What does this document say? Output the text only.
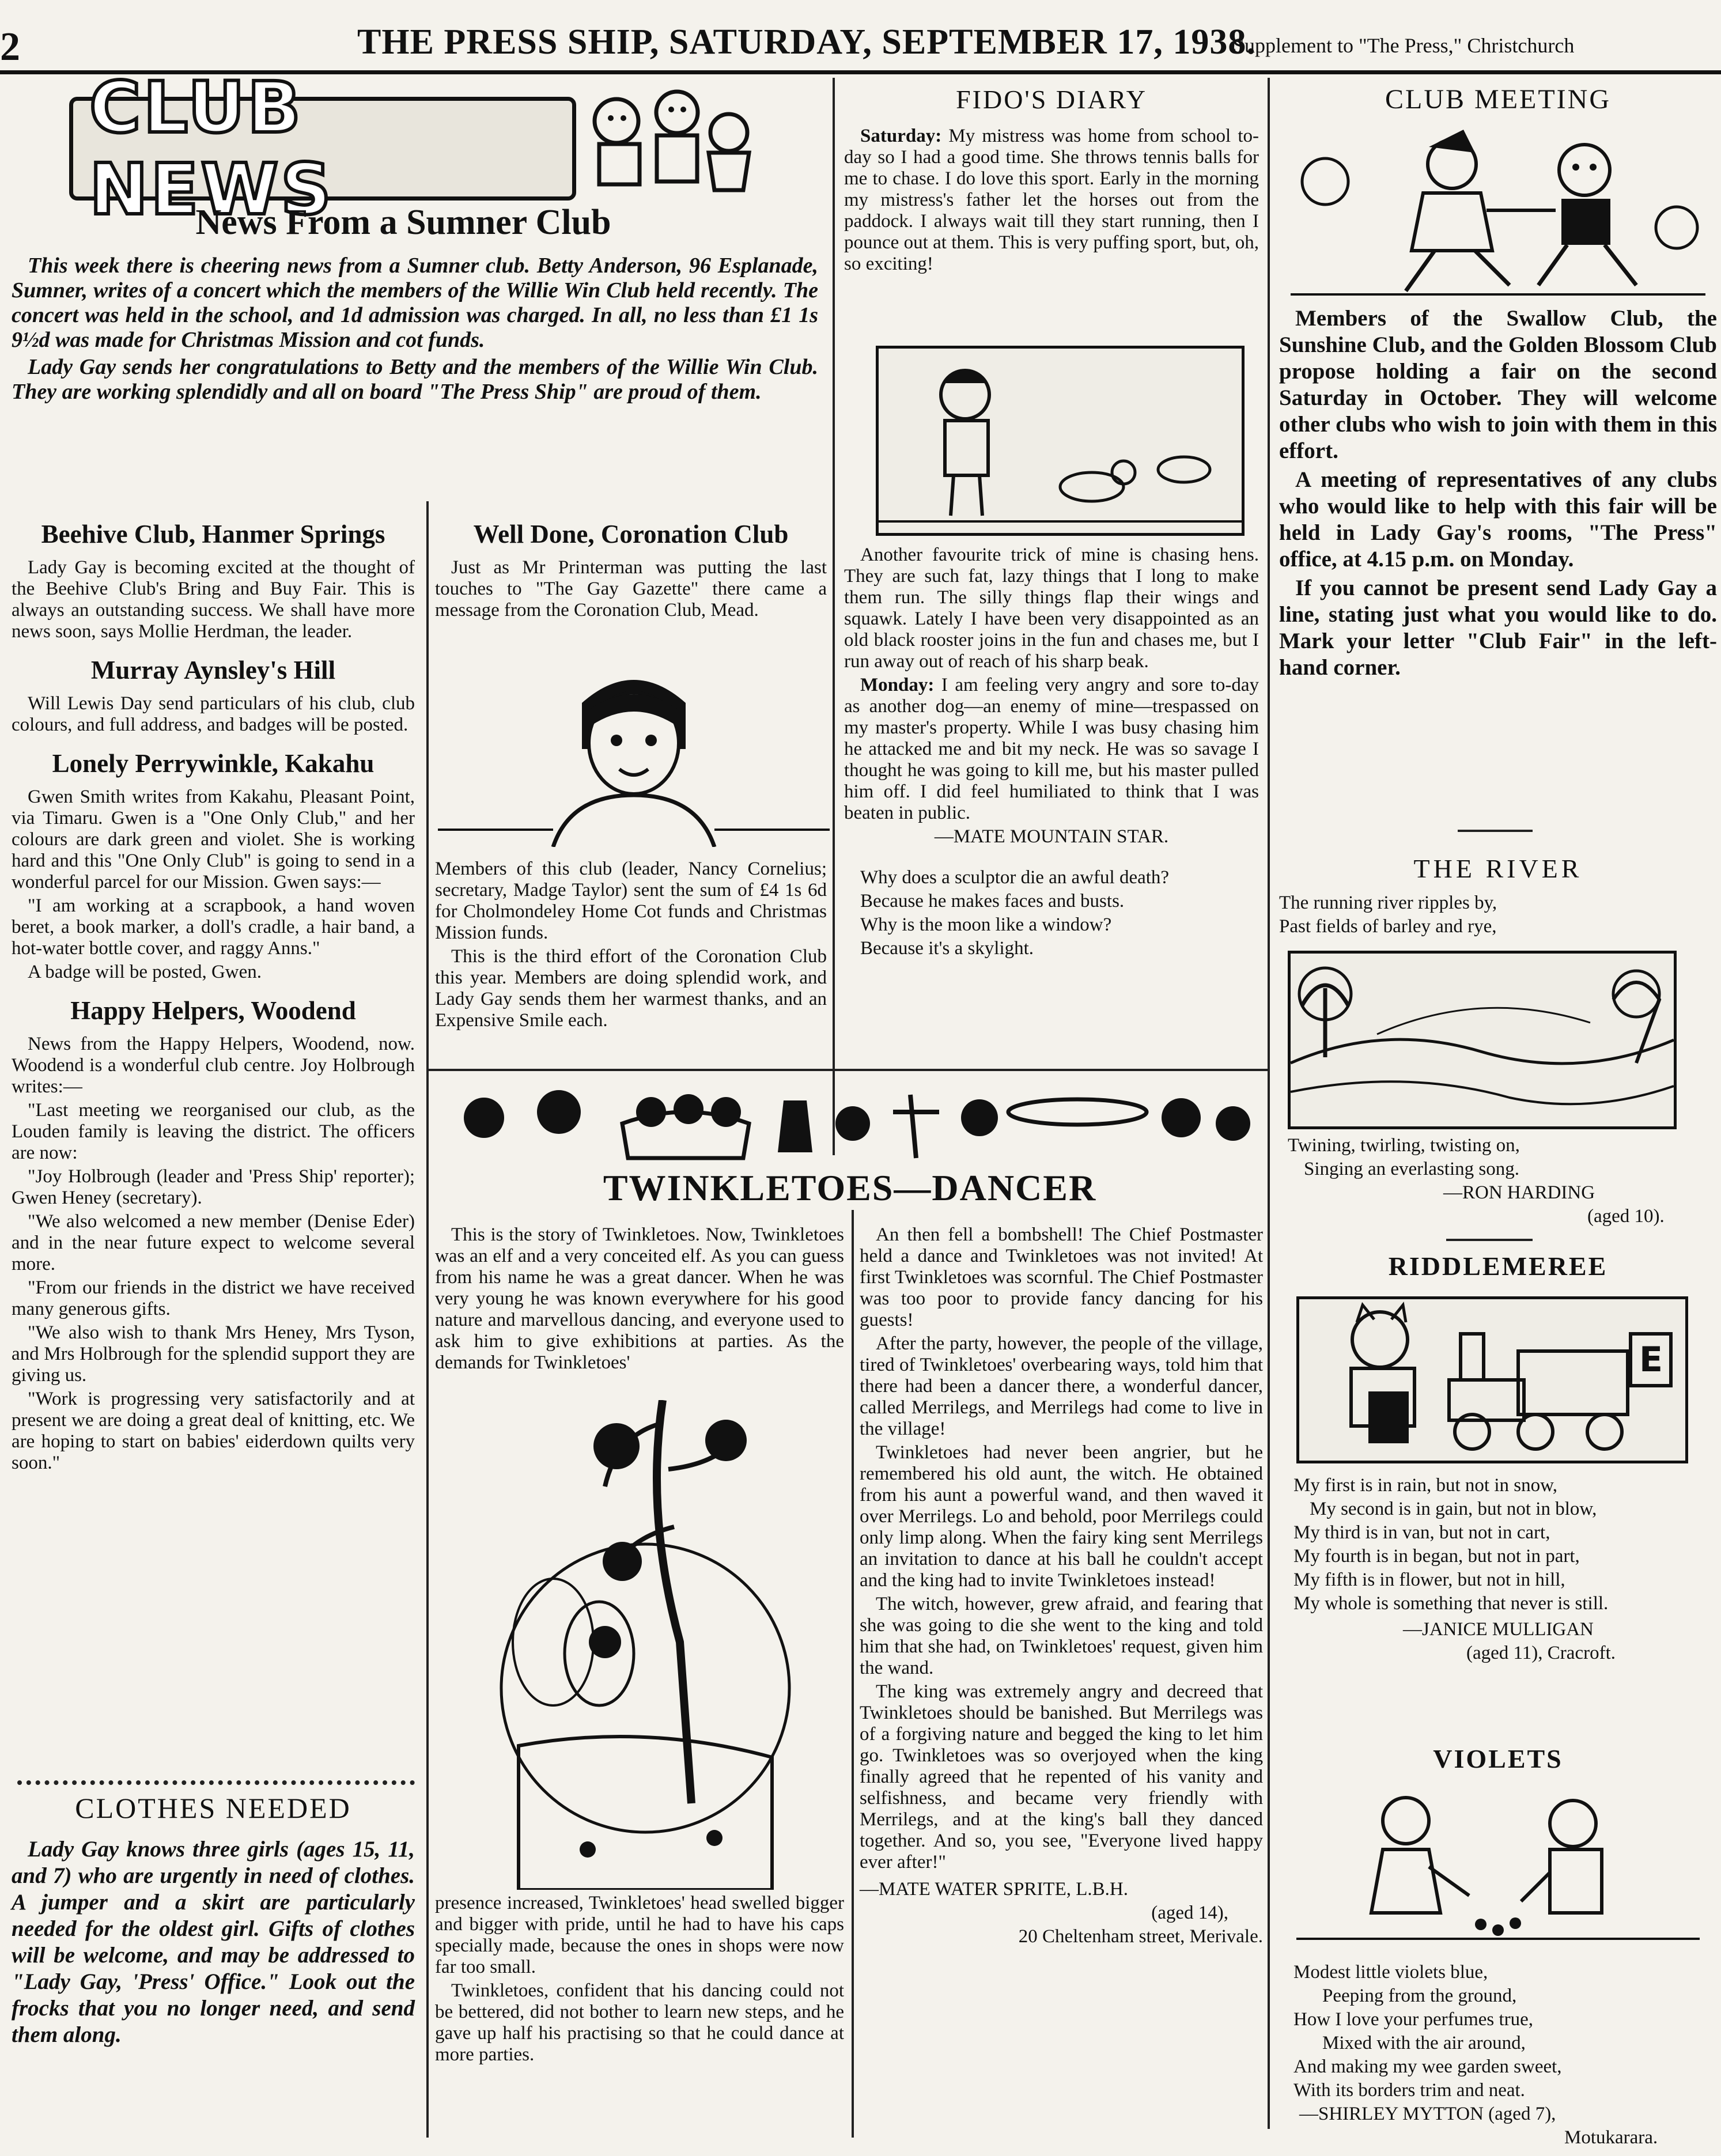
2	THE PRESS SHIP, SATURDAY, SEPTEMBER 17, 1938.
Supplement to "The Press," Christchurch
CLUB NEWS
News From a Sumner Club

This week there is cheering news from a Sumner club. Betty Anderson, 96 Esplanade, Sumner, writes of a concert which the members of the Willie Win Club held recently. The concert was held in the school, and 1d admission was charged. In all, no less than £1 1s 9½d was made for Christmas Mission and cot funds.

Lady Gay sends her congratulations to Betty and the members of the Willie Win Club. They are working splendidly and all on board "The Press Ship" are proud of them.

Beehive Club, Hanmer Springs

Lady Gay is becoming excited at the thought of the Beehive Club's Bring and Buy Fair. This is always an outstanding success. We shall have more news soon, says Mollie Herdman, the leader.

Murray Aynsley's Hill

Will Lewis Day send particulars of his club, club colours, and full address, and badges will be posted.

Lonely Perrywinkle, Kakahu

Gwen Smith writes from Kakahu, Pleasant Point, via Timaru. Gwen is a "One Only Club," and her colours are dark green and violet. She is working hard and this "One Only Club" is going to send in a wonderful parcel for our Mission. Gwen says:—

"I am working at a scrapbook, a hand woven beret, a book marker, a doll's cradle, a hair band, a hot-water bottle cover, and raggy Anns."

A badge will be posted, Gwen.

Happy Helpers, Woodend

News from the Happy Helpers, Woodend, now. Woodend is a wonderful club centre. Joy Holbrough writes:—

"Last meeting we reorganised our club, as the Louden family is leaving the district. The officers are now:

"Joy Holbrough (leader and 'Press Ship' reporter); Gwen Heney (secretary).

"We also welcomed a new member (Denise Eder) and in the near future expect to welcome several more.

"From our friends in the district we have received many generous gifts.

"We also wish to thank Mrs Heney, Mrs Tyson, and Mrs Holbrough for the splendid support they are giving us.

"Work is progressing very satisfactorily and at present we are doing a great deal of knitting, etc. We are hoping to start on babies' eiderdown quilts very soon."

CLOTHES NEEDED

Lady Gay knows three girls (ages 15, 11, and 7) who are urgently in need of clothes. A jumper and a skirt are particularly needed for the oldest girl. Gifts of clothes will be welcome, and may be addressed to "Lady Gay, 'Press' Office." Look out the frocks that you no longer need, and send them along.

Well Done, Coronation Club

Just as Mr Printerman was putting the last touches to "The Gay Gazette" there came a message from the Coronation Club, Mead.

Members of this club (leader, Nancy Cornelius; secretary, Madge Taylor) sent the sum of £4 1s 6d for Cholmondeley Home Cot funds and Christmas Mission funds.

This is the third effort of the Coronation Club this year. Members are doing splendid work, and Lady Gay sends them her warmest thanks, and an Expensive Smile each.

FIDO'S DIARY

Saturday: My mistress was home from school to-day so I had a good time. She throws tennis balls for me to chase. I do love this sport. Early in the morning my mistress's father let the horses out from the paddock. I always wait till they start running, then I pounce out at them. This is very puffing sport, but, oh, so exciting!

Another favourite trick of mine is chasing hens. They are such fat, lazy things that I long to make them run. The silly things flap their wings and squawk. Lately I have been very disappointed as an old black rooster joins in the fun and chases me, but I run away out of reach of his sharp beak.

Monday: I am feeling very angry and sore to-day as another dog—an enemy of mine—trespassed on my master's property. While I was busy chasing him he attacked me and bit my neck. He was so savage I thought he was going to kill me, but his master pulled him off. I did feel humiliated to think that I was beaten in public.

—MATE MOUNTAIN STAR.

Why does a sculptor die an awful death?

Because he makes faces and busts.

Why is the moon like a window?

Because it's a skylight.

TWINKLETOES—DANCER

This is the story of Twinkletoes. Now, Twinkletoes was an elf and a very conceited elf. As you can guess from his name he was a great dancer. When he was very young he was known everywhere for his good nature and marvellous dancing, and everyone used to ask him to give exhibitions at parties. As the demands for Twinkletoes'

presence increased, Twinkletoes' head swelled bigger and bigger with pride, until he had to have his caps specially made, because the ones in shops were now far too small.

Twinkletoes, confident that his dancing could not be bettered, did not bother to learn new steps, and he gave up half his practising so that he could dance at more parties.

An then fell a bombshell! The Chief Postmaster held a dance and Twinkletoes was not invited! At first Twinkletoes was scornful. The Chief Postmaster was too poor to provide fancy dancing for his guests!

After the party, however, the people of the village, tired of Twinkletoes' overbearing ways, told him that there had been a dancer there, a wonderful dancer, called Merrilegs, and Merrilegs had come to live in the village!

Twinkletoes had never been angrier, but he remembered his old aunt, the witch. He obtained from his aunt a powerful wand, and then waved it over Merrilegs. Lo and behold, poor Merrilegs could only limp along. When the fairy king sent Merrilegs an invitation to dance at his ball he couldn't accept and the king had to invite Twinkletoes instead!

The witch, however, grew afraid, and fearing that she was going to die she went to the king and told him that she had, on Twinkletoes' request, given him the wand.

The king was extremely angry and decreed that Twinkletoes should be banished. But Merrilegs was of a forgiving nature and begged the king to let him go. Twinkletoes was so overjoyed when the king finally agreed that he repented of his vanity and selfishness, and became very friendly with Merrilegs, and at the king's ball they danced together. And so, you see, "Everyone lived happy ever after!"

—MATE WATER SPRITE, L.B.H.

(aged 14),

20 Cheltenham street, Merivale.

CLUB MEETING

Members of the Swallow Club, the Sunshine Club, and the Golden Blossom Club propose holding a fair on the second Saturday in October. They will welcome other clubs who wish to join with them in this effort.

A meeting of representatives of any clubs who would like to help with this fair will be held in Lady Gay's rooms, "The Press" office, at 4.15 p.m. on Monday.

If you cannot be present send Lady Gay a line, stating just what you would like to do. Mark your letter "Club Fair" in the left-hand corner.

THE RIVER

The running river ripples by,

Past fields of barley and rye,

Twining, twirling, twisting on,

Singing an everlasting song.

—RON HARDING

(aged 10).

RIDDLEMEREE
E

My first is in rain, but not in snow,

My second is in gain, but not in blow,

My third is in van, but not in cart,

My fourth is in began, but not in part,

My fifth is in flower, but not in hill,

My whole is something that never is still.

—JANICE MULLIGAN

(aged 11), Cracroft.

VIOLETS

Modest little violets blue,

Peeping from the ground,

How I love your perfumes true,

Mixed with the air around,

And making my wee garden sweet,

With its borders trim and neat.

—SHIRLEY MYTTON (aged 7),

Motukarara.
